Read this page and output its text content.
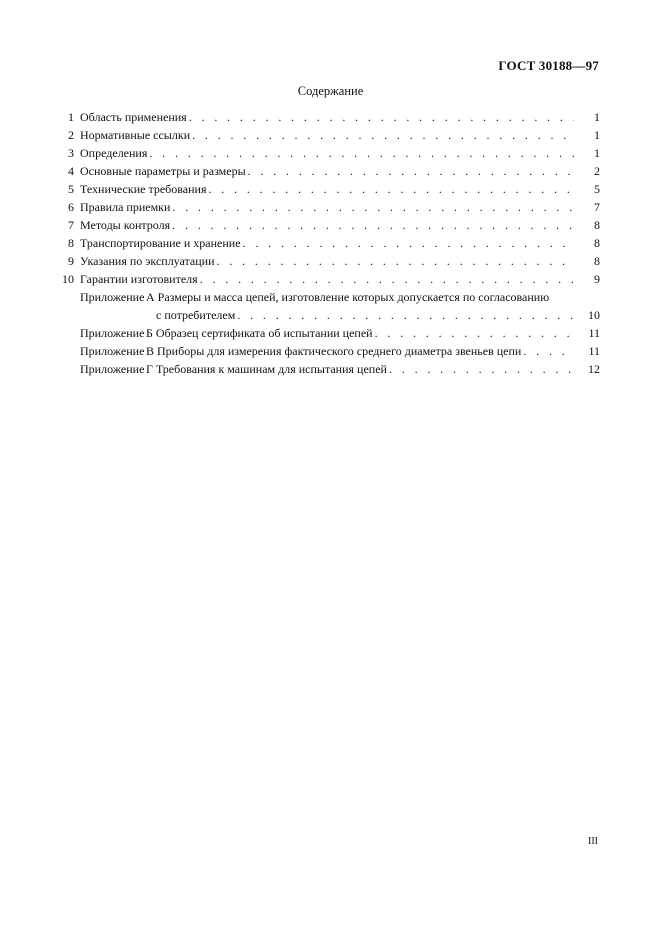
ГОСТ 30188—97
Содержание
1 Область применения . . .	1
2 Нормативные ссылки . . .	1
3 Определения . . .	1
4 Основные параметры и размеры . . .	2
5 Технические требования . . .	5
6 Правила приемки . . .	7
7 Методы контроля . . .	8
8 Транспортирование и хранение . . .	8
9 Указания по эксплуатации . . .	8
10 Гарантии изготовителя . . .	9
Приложение А Размеры и масса цепей, изготовление которых допускается по согласованию
с потребителем . . .	10
Приложение Б Образец сертификата об испытании цепей . . .	11
Приложение В Приборы для измерения фактического среднего диаметра звеньев цепи . . .	11
Приложение Г Требования к машинам для испытания цепей . . .	12
III
